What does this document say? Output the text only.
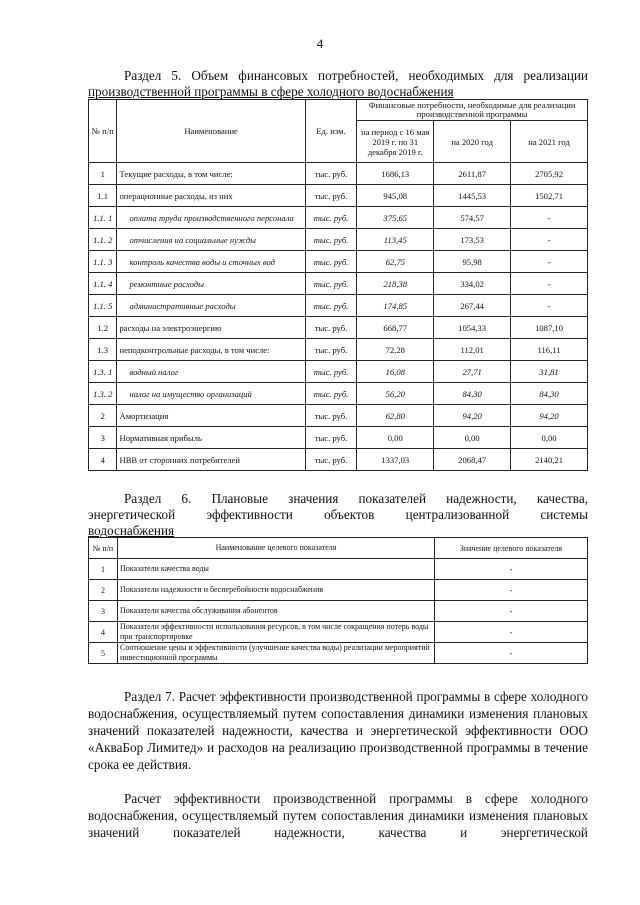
4
Раздел 5. Объем финансовых потребностей, необходимых для реализации
производственной программы в сфере холодного водоснабжения
№ п/п	Наименование	Ед. изм.	Финансовые потребности, необходимые для реализации производственной программы		
			на период с 16 мая 2019 г. по 31 декабря 2019 г.	на 2020 год	на 2021 год
1	Текущие расходы, в том числе:	тыс. руб.	1686,13	2611,87	2705,92
1.1	операционные расходы, из них	тыс. руб.	945,08	1445,53	1502,71
1.1. 1	оплата труда производственного персонала	тыс. руб.	375,65	574,57	-
1.1. 2	отчисления на социальные нужды	тыс. руб.	113,45	173,53	-
1.1. 3	контроль качества воды и сточных вод	тыс. руб.	62,75	95,98	-
1.1. 4	ремонтные расходы	тыс. руб.	218,38	334,02	-
1.1. 5	административные расходы	тыс. руб.	174,85	267,44	-
1.2	расходы на электроэнергию	тыс. руб.	668,77	1054,33	1087,10
1.3	неподконтрольные расходы, в том числе:	тыс. руб.	72,28	112,01	116,11
1.3. 1	водный налог	тыс. руб.	16,08	27,71	31,81
1.3. 2	налог на имущество организаций	тыс. руб.	56,20	84,30	84,30
2	Амортизация	тыс. руб.	62,80	94,20	94,20
3	Нормативная прибыль	тыс. руб.	0,00	0,00	0,00
4	НВВ от сторонних потребителей	тыс. руб.	1337,03	2068,47	2140,21
Раздел 6. Плановые значения показателей надежности, качества,
энергетической эффективности объектов централизованной системы
водоснабжения
№ п/п	Наименование целевого показателя	Значение целевого показателя
1	Показатели качества воды	-
2	Показатели надежности и бесперебойности водоснабжения	-
3	Показатели качества обслуживания абонентов	-
4	Показатели эффективности использования ресурсов, в том числе сокращения потерь воды при транспортировке	-
5	Соотношение цены и эффективности (улучшение качества воды) реализации мероприятий инвестиционной программы	-
Раздел 7. Расчет эффективности производственной программы в сфере холодного водоснабжения, осуществляемый путем сопоставления динамики изменения плановых значений показателей надежности, качества и энергетической эффективности ООО «АкваБор Лимитед» и расходов на реализацию производственной программы в течение срока ее действия.
Расчет эффективности производственной программы в сфере холодного водоснабжения, осуществляемый путем сопоставления динамики изменения плановых значений показателей надежности, качества и энергетической
